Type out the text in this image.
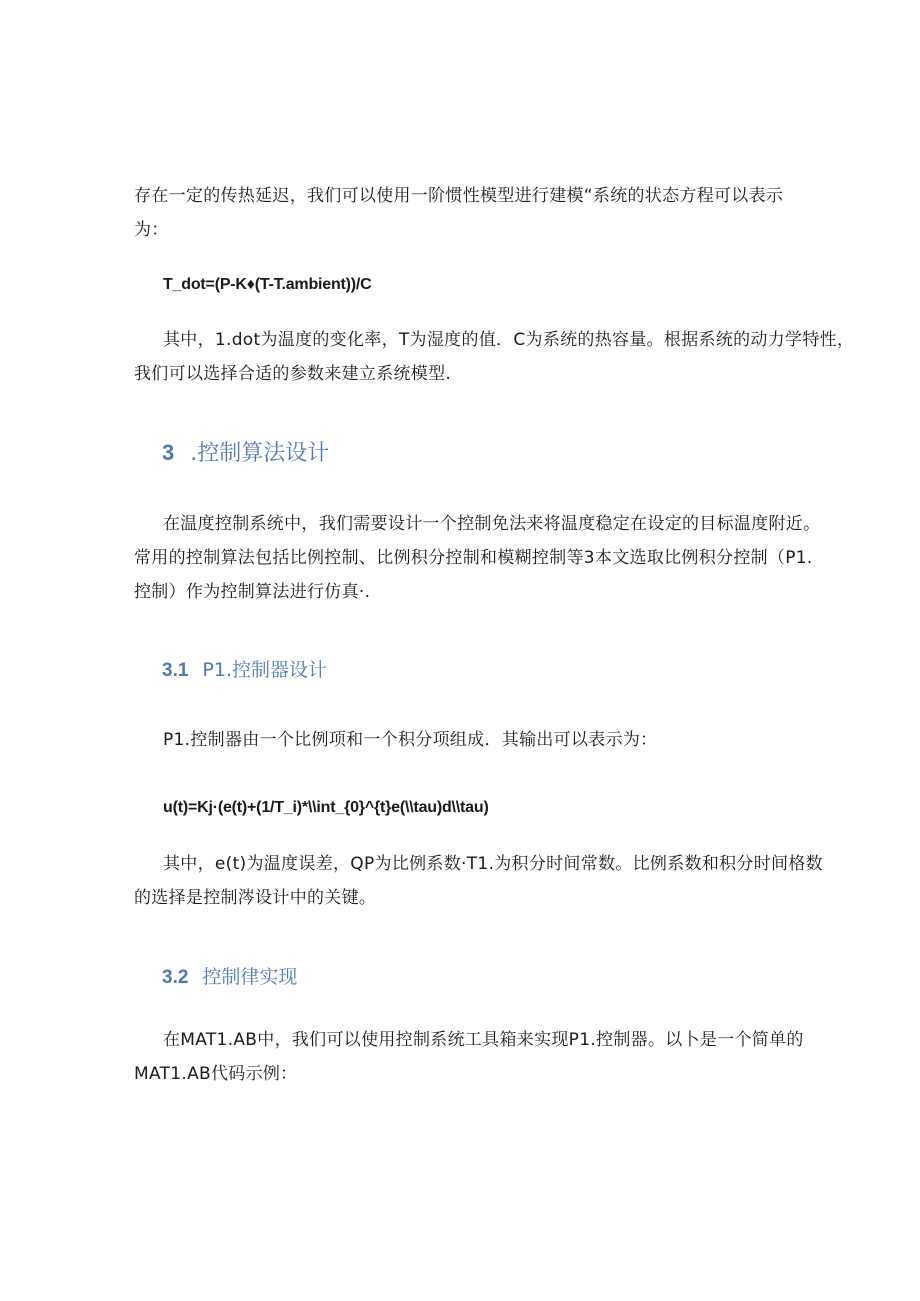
存在一定的传热延迟，我们可以使用一阶惯性模型进行建模“系统的状态方程可以表示
为：
T_dot=(P-K♦(T-T.ambient))/C
其中，1.dot为温度的变化率，T为湿度的值．C为系统的热容量。根据系统的动力学特性，
我们可以选择合适的参数来建立系统模型.
3 .控制算法设计
在温度控制系统中，我们需要设计一个控制免法来将温度稳定在设定的目标温度附近。
常用的控制算法包括比例控制、比例积分控制和模糊控制等3本文选取比例积分控制（P1.
控制）作为控制算法进行仿真·.
3.1 P1.控制器设计
P1.控制器由一个比例项和一个积分项组成．其输出可以表示为：
u(t)=Kj·(e(t)+(1/T_i)*\\int_{0}^{t}e(\\tau)d\\tau)
其中，e(t)为温度误差，QP为比例系数·T1.为积分时间常数。比例系数和积分时间格数
的选择是控制涔设计中的关键。
3.2 控制律实现
在MAT1.AB中，我们可以使用控制系统工具箱来实现P1.控制器。以卜是一个简单的
MAT1.AB代码示例：
